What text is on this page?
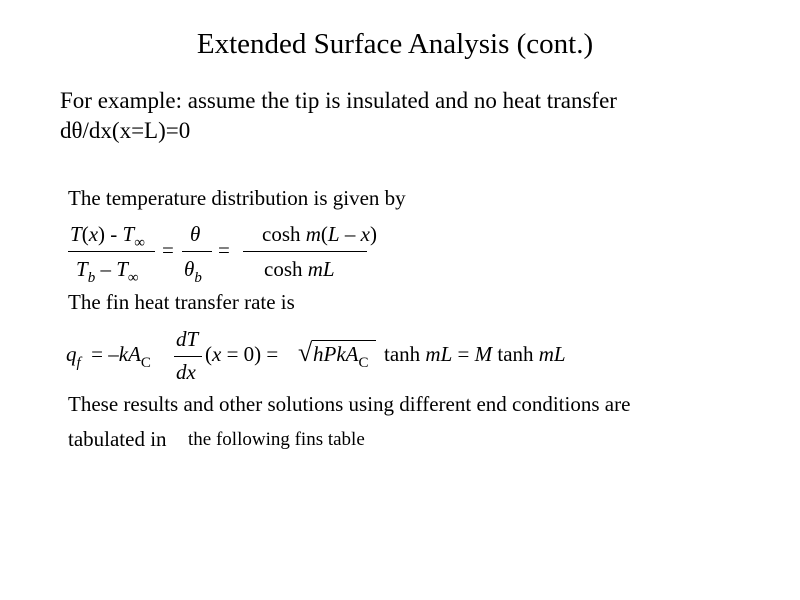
Extended Surface Analysis (cont.)
For example: assume the tip is insulated and no heat transfer
dθ/dx(x=L)=0
The temperature distribution is given by
$T(x) - T_\infty$
$T_b - T_\infty$
=
θ
$\theta_b$
=
cosh m(L – x)
cosh mL
The fin heat transfer rate is
$q_f = -kA_C$
dT
dx
(x = 0) = √ hPkA$_C$ tanh mL = M tanh mL
These results and other solutions using different end conditions are
tabulated in the following fins table
